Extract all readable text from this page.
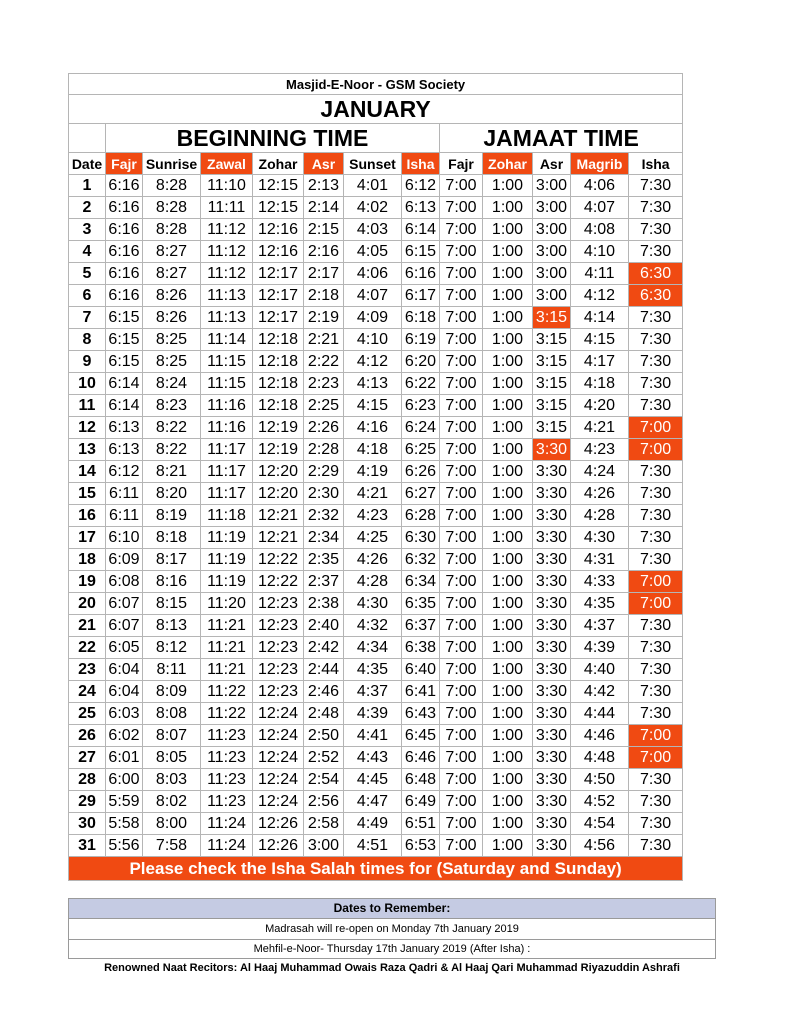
Masjid-E-Noor - GSM Society												
JANUARY												
	BEGINNING TIME							JAMAAT TIME				
Date	Fajr	Sunrise	Zawal	Zohar	Asr	Sunset	Isha	Fajr	Zohar	Asr	Magrib	Isha
1	6:16	8:28	11:10	12:15	2:13	4:01	6:12	7:00	1:00	3:00	4:06	7:30
2	6:16	8:28	11:11	12:15	2:14	4:02	6:13	7:00	1:00	3:00	4:07	7:30
3	6:16	8:28	11:12	12:16	2:15	4:03	6:14	7:00	1:00	3:00	4:08	7:30
4	6:16	8:27	11:12	12:16	2:16	4:05	6:15	7:00	1:00	3:00	4:10	7:30
5	6:16	8:27	11:12	12:17	2:17	4:06	6:16	7:00	1:00	3:00	4:11	6:30
6	6:16	8:26	11:13	12:17	2:18	4:07	6:17	7:00	1:00	3:00	4:12	6:30
7	6:15	8:26	11:13	12:17	2:19	4:09	6:18	7:00	1:00	3:15	4:14	7:30
8	6:15	8:25	11:14	12:18	2:21	4:10	6:19	7:00	1:00	3:15	4:15	7:30
9	6:15	8:25	11:15	12:18	2:22	4:12	6:20	7:00	1:00	3:15	4:17	7:30
10	6:14	8:24	11:15	12:18	2:23	4:13	6:22	7:00	1:00	3:15	4:18	7:30
11	6:14	8:23	11:16	12:18	2:25	4:15	6:23	7:00	1:00	3:15	4:20	7:30
12	6:13	8:22	11:16	12:19	2:26	4:16	6:24	7:00	1:00	3:15	4:21	7:00
13	6:13	8:22	11:17	12:19	2:28	4:18	6:25	7:00	1:00	3:30	4:23	7:00
14	6:12	8:21	11:17	12:20	2:29	4:19	6:26	7:00	1:00	3:30	4:24	7:30
15	6:11	8:20	11:17	12:20	2:30	4:21	6:27	7:00	1:00	3:30	4:26	7:30
16	6:11	8:19	11:18	12:21	2:32	4:23	6:28	7:00	1:00	3:30	4:28	7:30
17	6:10	8:18	11:19	12:21	2:34	4:25	6:30	7:00	1:00	3:30	4:30	7:30
18	6:09	8:17	11:19	12:22	2:35	4:26	6:32	7:00	1:00	3:30	4:31	7:30
19	6:08	8:16	11:19	12:22	2:37	4:28	6:34	7:00	1:00	3:30	4:33	7:00
20	6:07	8:15	11:20	12:23	2:38	4:30	6:35	7:00	1:00	3:30	4:35	7:00
21	6:07	8:13	11:21	12:23	2:40	4:32	6:37	7:00	1:00	3:30	4:37	7:30
22	6:05	8:12	11:21	12:23	2:42	4:34	6:38	7:00	1:00	3:30	4:39	7:30
23	6:04	8:11	11:21	12:23	2:44	4:35	6:40	7:00	1:00	3:30	4:40	7:30
24	6:04	8:09	11:22	12:23	2:46	4:37	6:41	7:00	1:00	3:30	4:42	7:30
25	6:03	8:08	11:22	12:24	2:48	4:39	6:43	7:00	1:00	3:30	4:44	7:30
26	6:02	8:07	11:23	12:24	2:50	4:41	6:45	7:00	1:00	3:30	4:46	7:00
27	6:01	8:05	11:23	12:24	2:52	4:43	6:46	7:00	1:00	3:30	4:48	7:00
28	6:00	8:03	11:23	12:24	2:54	4:45	6:48	7:00	1:00	3:30	4:50	7:30
29	5:59	8:02	11:23	12:24	2:56	4:47	6:49	7:00	1:00	3:30	4:52	7:30
30	5:58	8:00	11:24	12:26	2:58	4:49	6:51	7:00	1:00	3:30	4:54	7:30
31	5:56	7:58	11:24	12:26	3:00	4:51	6:53	7:00	1:00	3:30	4:56	7:30
Please check the Isha Salah times for (Saturday and Sunday)												
Dates to Remember:
Madrasah will re-open on Monday 7th January 2019
Mehfil-e-Noor- Thursday 17th January 2019 (After Isha) :
Renowned Naat Recitors: Al Haaj Muhammad Owais Raza Qadri & Al Haaj Qari Muhammad Riyazuddin Ashrafi
